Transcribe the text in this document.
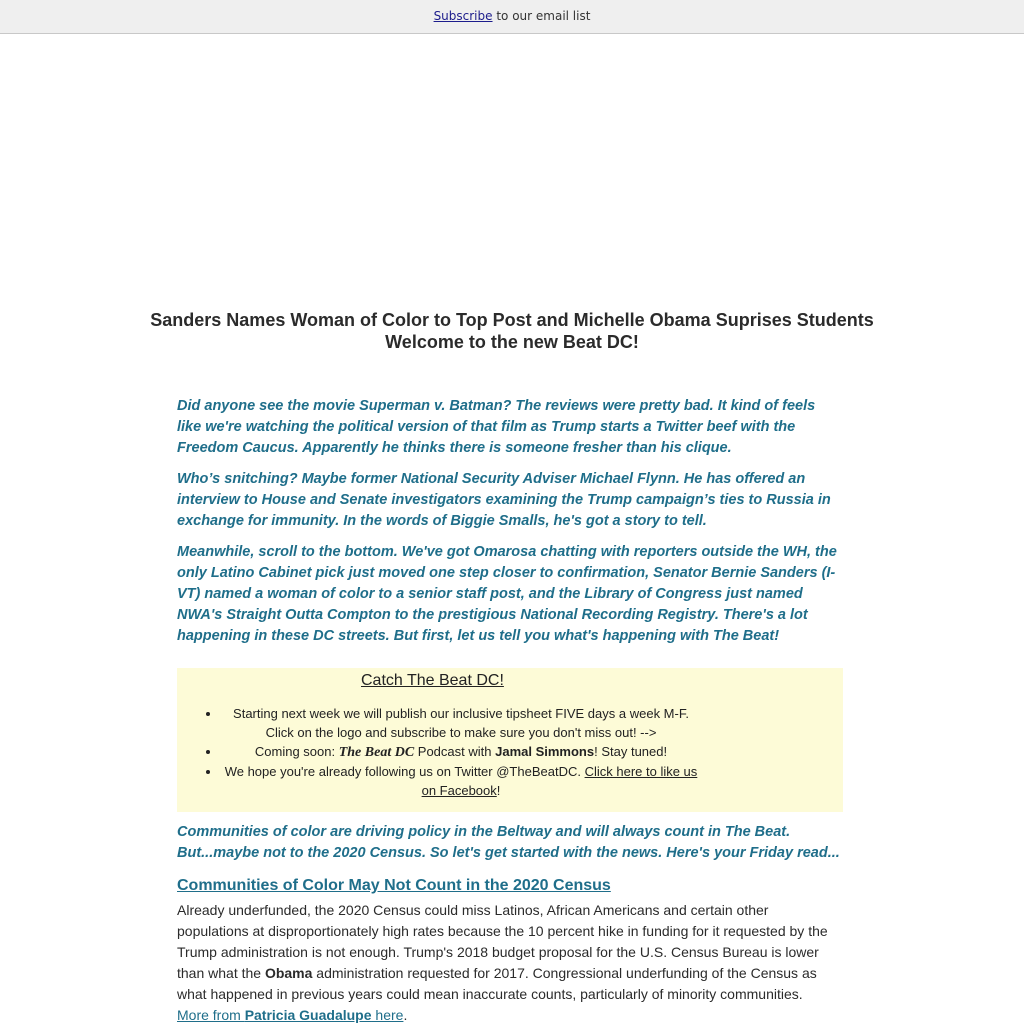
Subscribe to our email list
Sanders Names Woman of Color to Top Post and Michelle Obama Suprises Students
Welcome to the new Beat DC!

Did anyone see the movie Superman v. Batman? The reviews were pretty bad. It kind of feels like we're watching the political version of that film as Trump starts a Twitter beef with the Freedom Caucus. Apparently he thinks there is someone fresher than his clique.

Who’s snitching? Maybe former National Security Adviser Michael Flynn. He has offered an interview to House and Senate investigators examining the Trump campaign’s ties to Russia in exchange for immunity. In the words of Biggie Smalls, he's got a story to tell.

Meanwhile, scroll to the bottom. We've got Omarosa chatting with reporters outside the WH, the only Latino Cabinet pick just moved one step closer to confirmation, Senator Bernie Sanders (I-VT) named a woman of color to a senior staff post, and the Library of Congress just named NWA's Straight Outta Compton to the prestigious National Recording Registry. There's a lot happening in these DC streets. But first, let us tell you what's happening with The Beat!

Catch The Beat DC!
• Starting next week we will publish our inclusive tipsheet FIVE days a week M-F. Click on the logo and subscribe to make sure you don't miss out! -->
• Coming soon: The Beat DC Podcast with Jamal Simmons! Stay tuned!
• We hope you're already following us on Twitter @TheBeatDC. Click here to like us on Facebook!
Communities of color are driving policy in the Beltway and will always count in The Beat. But...maybe not to the 2020 Census. So let's get started with the news. Here's your Friday read...
Communities of Color May Not Count in the 2020 Census

Already underfunded, the 2020 Census could miss Latinos, African Americans and certain other populations at disproportionately high rates because the 10 percent hike in funding for it requested by the Trump administration is not enough. Trump's 2018 budget proposal for the U.S. Census Bureau is lower than what the Obama administration requested for 2017. Congressional underfunding of the Census as what happened in previous years could mean inaccurate counts, particularly of minority communities.
More from Patricia Guadalupe here.
